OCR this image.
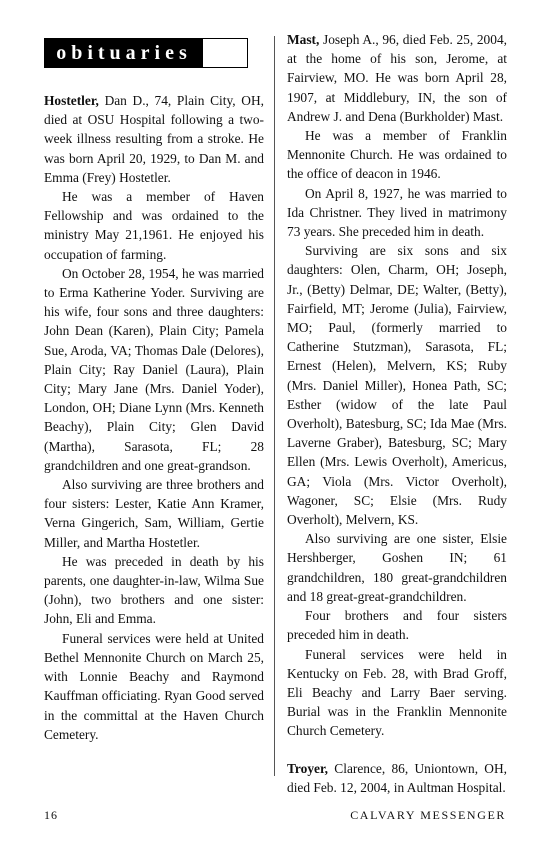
obituaries

Hostetler, Dan D., 74, Plain City, OH, died at OSU Hospital following a two-week illness resulting from a stroke. He was born April 20, 1929, to Dan M. and Emma (Frey) Hostetler.

He was a member of Haven Fellowship and was ordained to the ministry May 21,1961. He enjoyed his occupation of farming.

On October 28, 1954, he was married to Erma Katherine Yoder. Surviving are his wife, four sons and three daughters: John Dean (Karen), Plain City; Pamela Sue, Aroda, VA; Thomas Dale (Delores), Plain City; Ray Daniel (Laura), Plain City; Mary Jane (Mrs. Daniel Yoder), London, OH; Diane Lynn (Mrs. Kenneth Beachy), Plain City; Glen David (Martha), Sarasota, FL; 28 grandchildren and one great-grandson.

Also surviving are three brothers and four sisters: Lester, Katie Ann Kramer, Verna Gingerich, Sam, William, Gertie Miller, and Martha Hostetler.

He was preceded in death by his parents, one daughter-in-law, Wilma Sue (John), two brothers and one sister: John, Eli and Emma.

Funeral services were held at United Bethel Mennonite Church on March 25, with Lonnie Beachy and Raymond Kauffman officiating. Ryan Good served in the committal at the Haven Church Cemetery.

Mast, Joseph A., 96, died Feb. 25, 2004, at the home of his son, Jerome, at Fairview, MO. He was born April 28, 1907, at Middlebury, IN, the son of Andrew J. and Dena (Burkholder) Mast.

He was a member of Franklin Mennonite Church. He was ordained to the office of deacon in 1946.

On April 8, 1927, he was married to Ida Christner. They lived in matrimony 73 years. She preceded him in death.

Surviving are six sons and six daughters: Olen, Charm, OH; Joseph, Jr., (Betty) Delmar, DE; Walter, (Betty), Fairfield, MT; Jerome (Julia), Fairview, MO; Paul, (formerly married to Catherine Stutzman), Sarasota, FL; Ernest (Helen), Melvern, KS; Ruby (Mrs. Daniel Miller), Honea Path, SC; Esther (widow of the late Paul Overholt), Batesburg, SC; Ida Mae (Mrs. Laverne Graber), Batesburg, SC; Mary Ellen (Mrs. Lewis Overholt), Americus, GA; Viola (Mrs. Victor Overholt), Wagoner, SC; Elsie (Mrs. Rudy Overholt), Melvern, KS.

Also surviving are one sister, Elsie Hershberger, Goshen IN; 61 grandchildren, 180 great-grandchildren and 18 great-great-grandchildren.

Four brothers and four sisters preceded him in death.

Funeral services were held in Kentucky on Feb. 28, with Brad Groff, Eli Beachy and Larry Baer serving. Burial was in the Franklin Mennonite Church Cemetery.

Troyer, Clarence, 86, Uniontown, OH, died Feb. 12, 2004, in Aultman Hospital.

16	CALVARY MESSENGER
